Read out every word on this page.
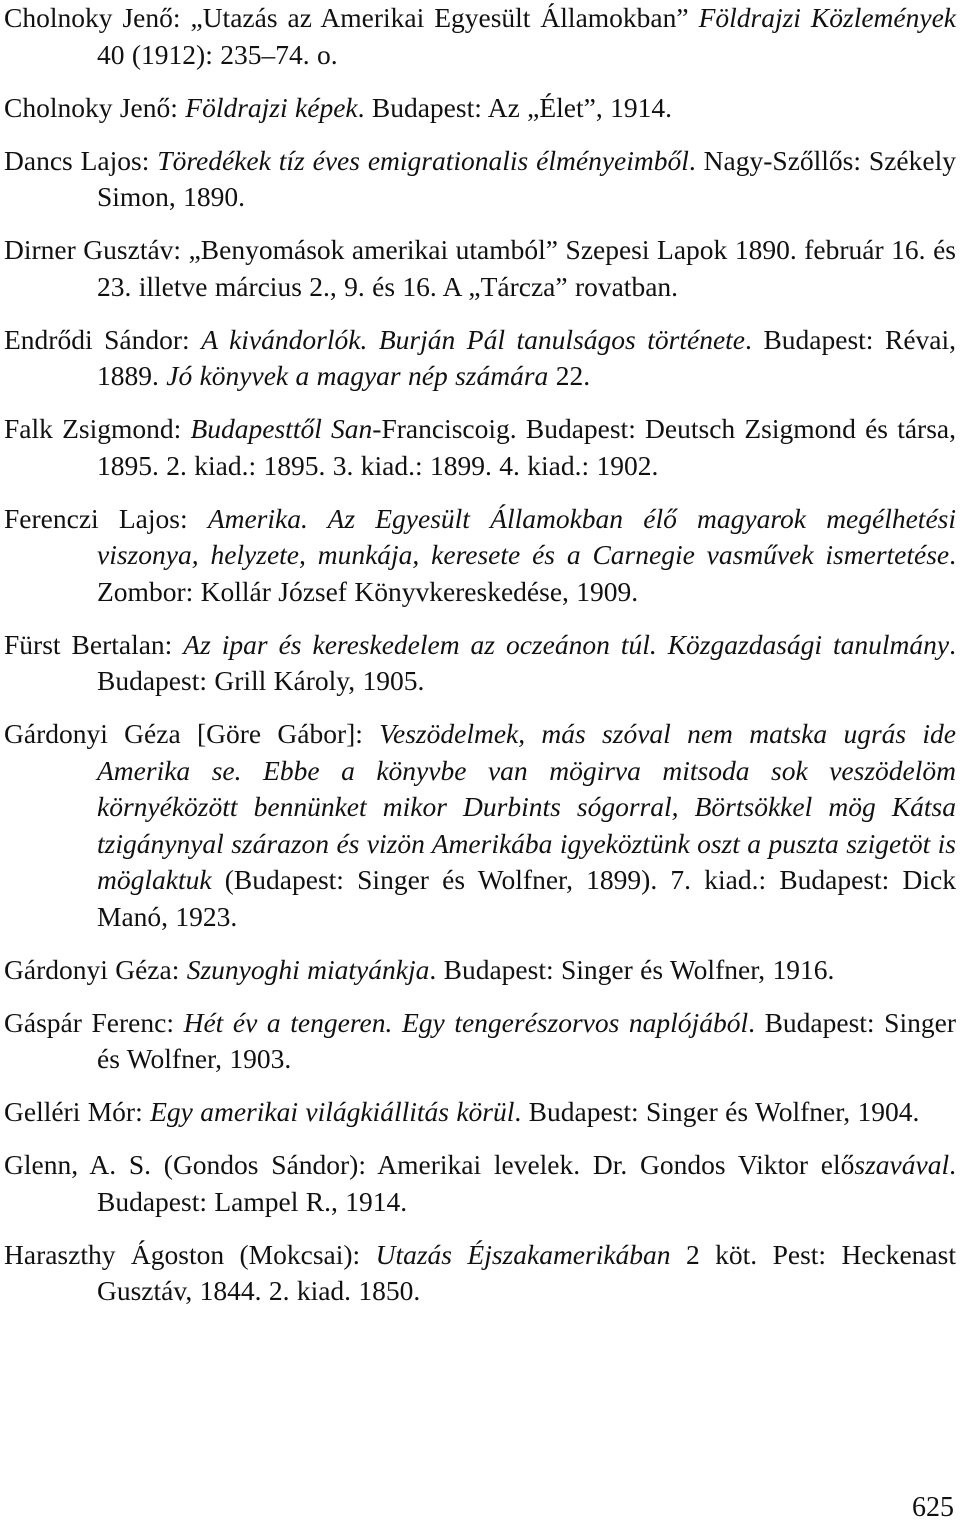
Cholnoky Jenő: „Utazás az Amerikai Egyesült Államokban” Földrajzi Közlemények 40 (1912): 235–74. o.

Cholnoky Jenő: Földrajzi képek. Budapest: Az „Élet”, 1914.

Dancs Lajos: Töredékek tíz éves emigrationalis élményeimből. Nagy-Szőllős: Székely Simon, 1890.

Dirner Gusztáv: „Benyomások amerikai utamból” Szepesi Lapok 1890. február 16. és 23. illetve március 2., 9. és 16. A „Tárcza” rovatban.

Endrődi Sándor: A kivándorlók. Burján Pál tanulságos története. Budapest: Révai, 1889. Jó könyvek a magyar nép számára 22.

Falk Zsigmond: Budapesttől San-Franciscoig. Budapest: Deutsch Zsigmond és társa, 1895. 2. kiad.: 1895. 3. kiad.: 1899. 4. kiad.: 1902.

Ferenczi Lajos: Amerika. Az Egyesült Államokban élő magyarok megélhetési viszonya, helyzete, munkája, keresete és a Carnegie vasművek ismertetése. Zombor: Kollár József Könyvkereskedése, 1909.

Fürst Bertalan: Az ipar és kereskedelem az oczeánon túl. Közgazdasági tanulmány. Budapest: Grill Károly, 1905.

Gárdonyi Géza [Göre Gábor]: Veszödelmek, más szóval nem matska ugrás ide Amerika se. Ebbe a könyvbe van mögirva mitsoda sok veszödelöm környéközött bennünket mikor Durbints sógorral, Börtsökkel mög Kátsa tzigánynyal szárazon és vizön Amerikába igyeköztünk oszt a puszta szigetöt is möglaktuk (Budapest: Singer és Wolfner, 1899). 7. kiad.: Budapest: Dick Manó, 1923.

Gárdonyi Géza: Szunyoghi miatyánkja. Budapest: Singer és Wolfner, 1916.

Gáspár Ferenc: Hét év a tengeren. Egy tengerészorvos naplójából. Budapest: Singer és Wolfner, 1903.

Gelléri Mór: Egy amerikai világkiállitás körül. Budapest: Singer és Wolfner, 1904.

Glenn, A. S. (Gondos Sándor): Amerikai levelek. Dr. Gondos Viktor előszavával. Budapest: Lampel R., 1914.

Haraszthy Ágoston (Mokcsai): Utazás Éjszakamerikában 2 köt. Pest: Heckenast Gusztáv, 1844. 2. kiad. 1850.

625
